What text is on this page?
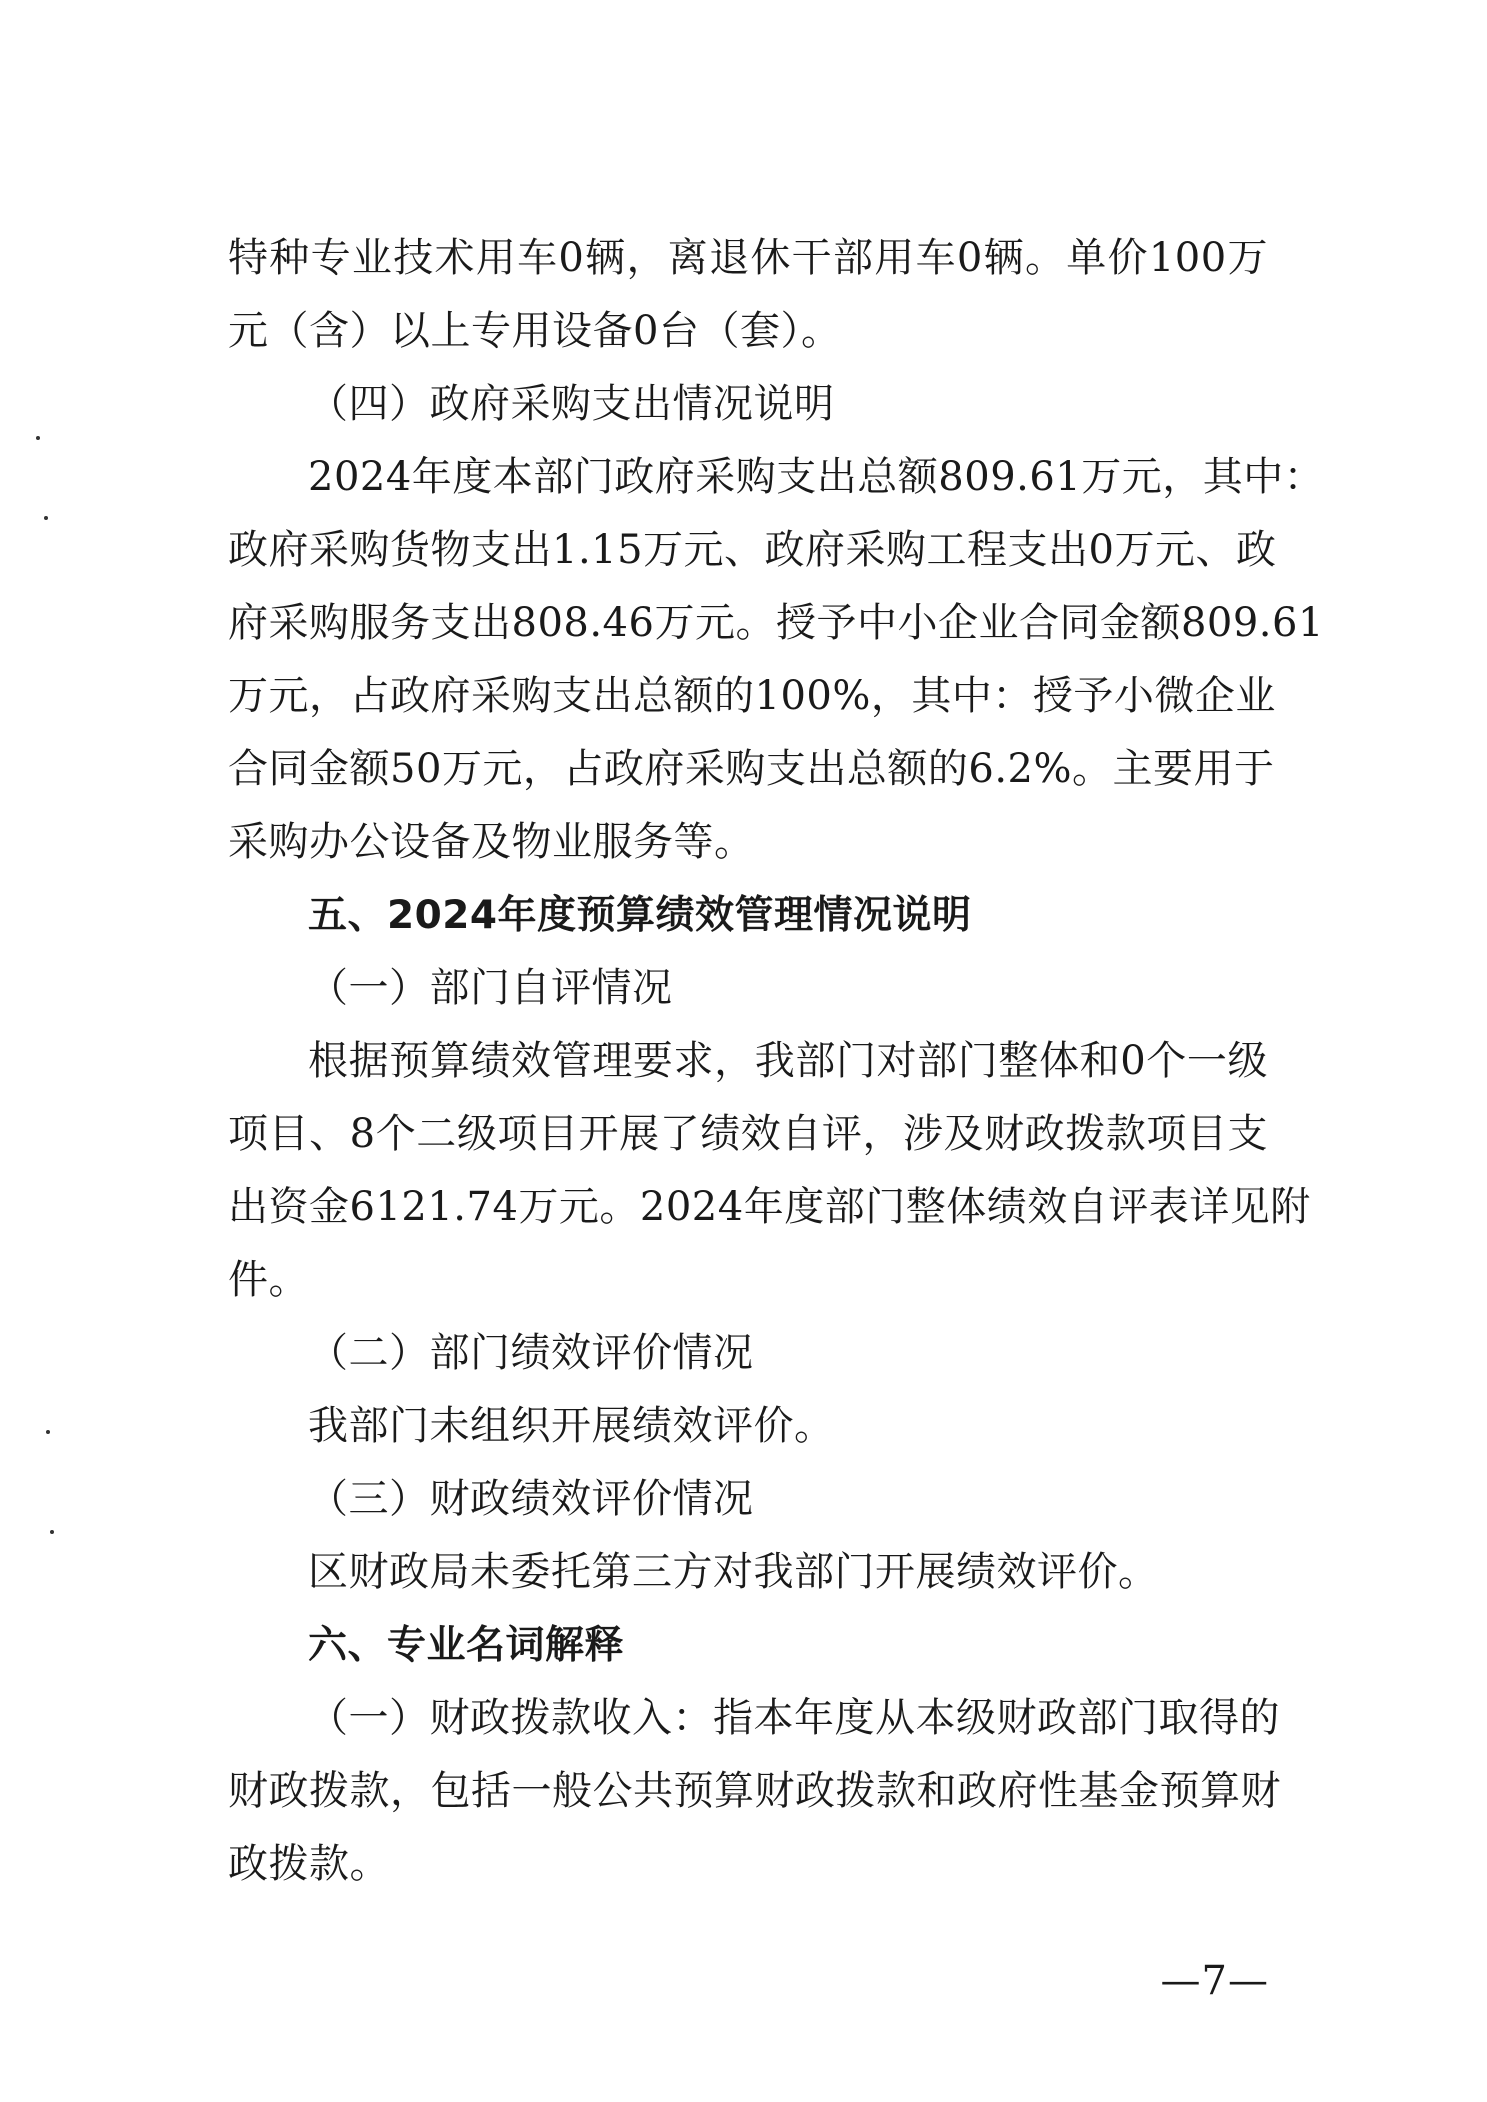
特种专业技术用车0辆，离退休干部用车0辆。单价100万
元（含）以上专用设备0台（套）。
（四）政府采购支出情况说明
2024年度本部门政府采购支出总额809.61万元，其中：
政府采购货物支出1.15万元、政府采购工程支出0万元、政
府采购服务支出808.46万元。授予中小企业合同金额809.61
万元，占政府采购支出总额的100%，其中：授予小微企业
合同金额50万元，占政府采购支出总额的6.2%。主要用于
采购办公设备及物业服务等。
五、2024年度预算绩效管理情况说明
（一）部门自评情况
根据预算绩效管理要求，我部门对部门整体和0个一级
项目、8个二级项目开展了绩效自评，涉及财政拨款项目支
出资金6121.74万元。2024年度部门整体绩效自评表详见附
件。
（二）部门绩效评价情况
我部门未组织开展绩效评价。
（三）财政绩效评价情况
区财政局未委托第三方对我部门开展绩效评价。
六、专业名词解释
（一）财政拨款收入：指本年度从本级财政部门取得的
财政拨款，包括一般公共预算财政拨款和政府性基金预算财
政拨款。
—7—
